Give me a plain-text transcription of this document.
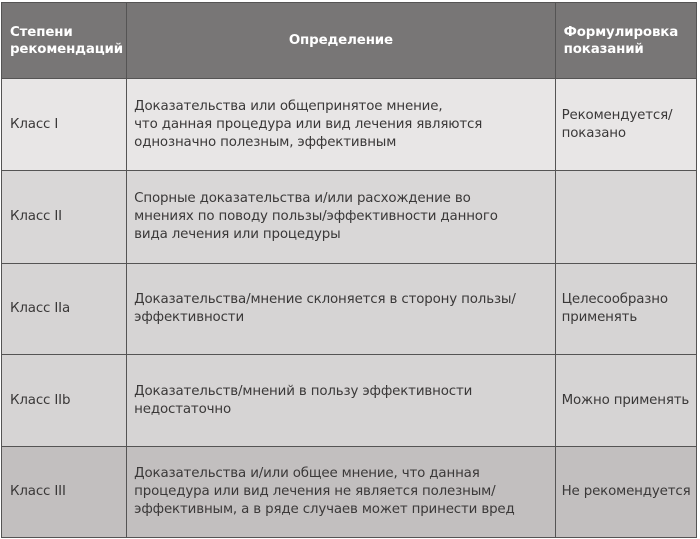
Степени
рекомендаций	Определение	Формулировка
показаний
Класс I	Доказательства или общепринятое мнение,
что данная процедура или вид лечения являются
однозначно полезным, эффективным	Рекомендуется/
показано
Класс II	Спорные доказательства и/или расхождение во
мнениях по поводу пользы/эффективности данного
вида лечения или процедуры	
Класс IIa	Доказательства/мнение склоняется в сторону пользы/
эффективности	Целесообразно
применять
Класс IIb	Доказательств/мнений в пользу эффективности
недостаточно	Можно применять
Класс III	Доказательства и/или общее мнение, что данная
процедура или вид лечения не является полезным/
эффективным, а в ряде случаев может принести вред	Не рекомендуется
